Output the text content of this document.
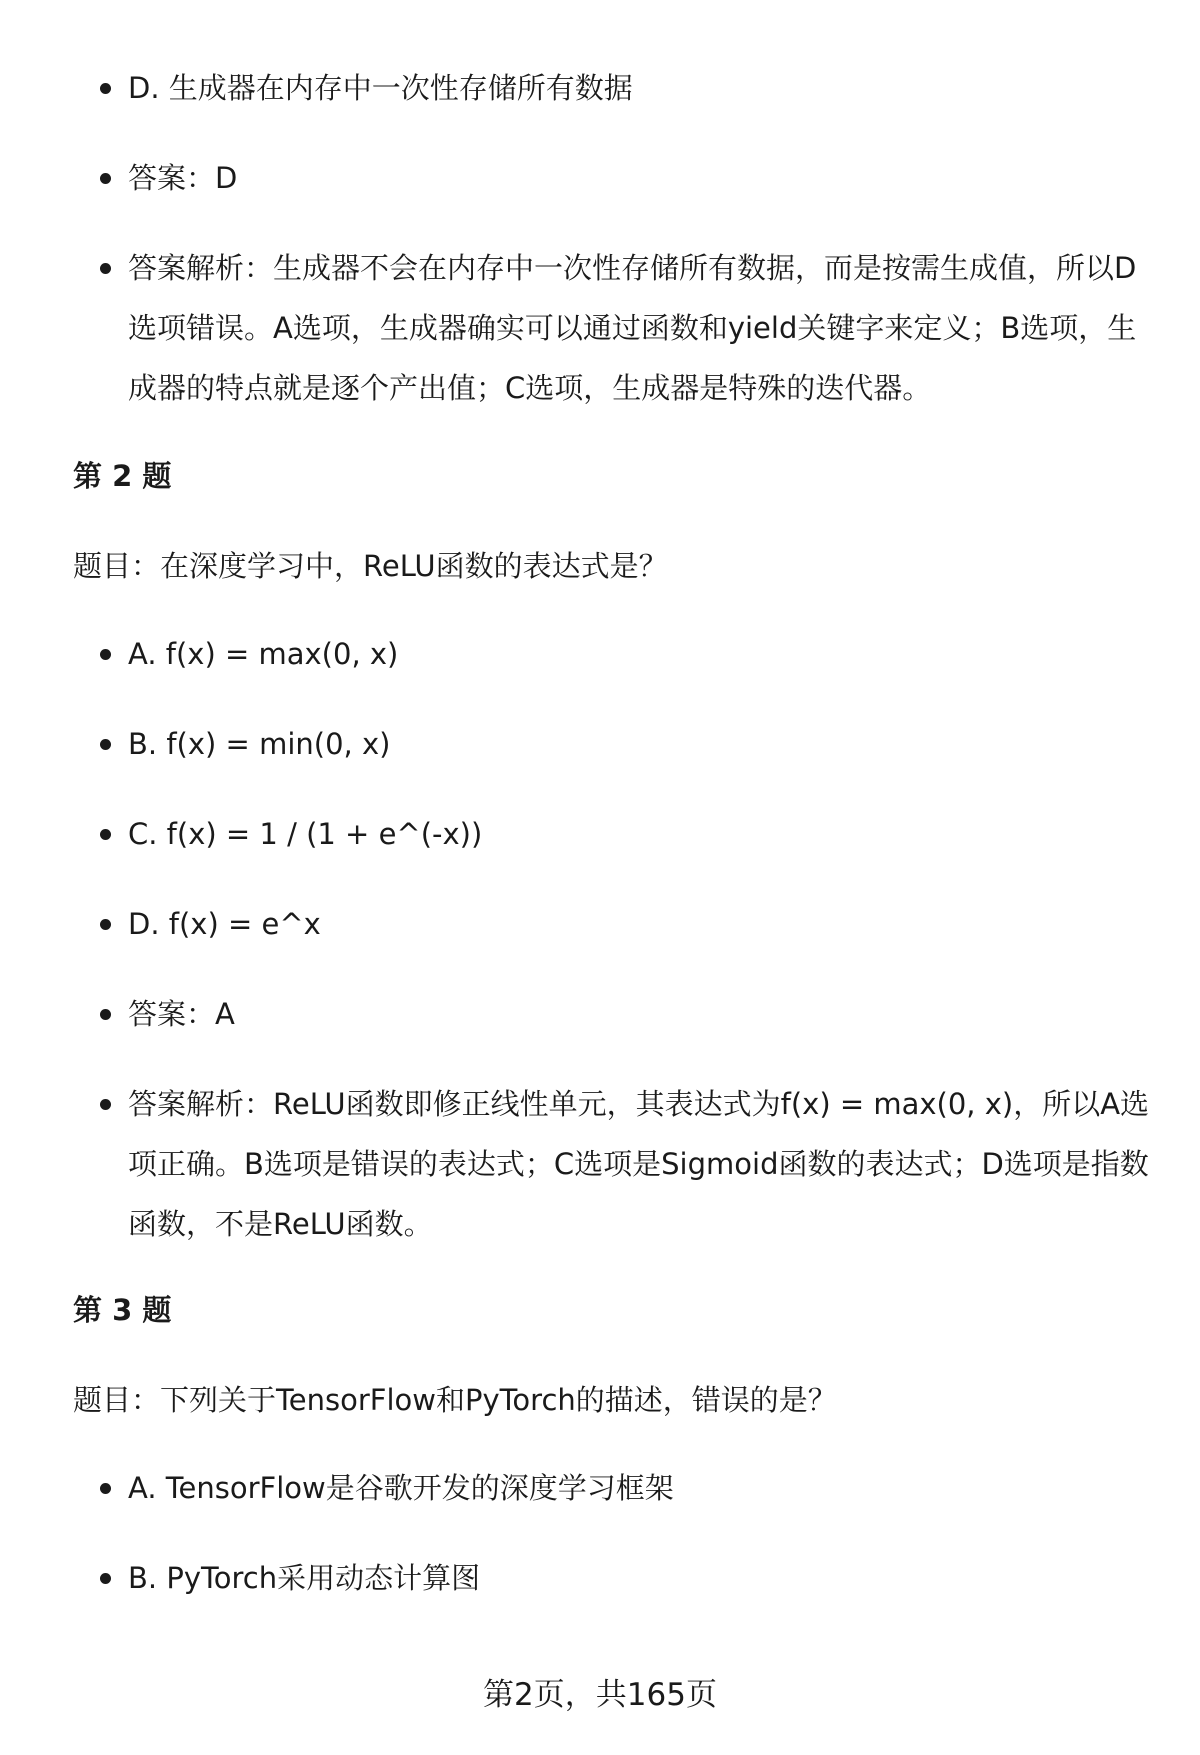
D. 生成器在内存中一次性存储所有数据
答案：D
答案解析：生成器不会在内存中一次性存储所有数据，而是按需生成值，所以D选项错误。A选项，生成器确实可以通过函数和yield关键字来定义；B选项，生成器的特点就是逐个产出值；C选项，生成器是特殊的迭代器。
第 2 题
题目：在深度学习中，ReLU函数的表达式是？
A. f(x) = max(0, x)
B. f(x) = min(0, x)
C. f(x) = 1 / (1 + e^(-x))
D. f(x) = e^x
答案：A
答案解析：ReLU函数即修正线性单元，其表达式为f(x) = max(0, x)，所以A选项正确。B选项是错误的表达式；C选项是Sigmoid函数的表达式；D选项是指数函数，不是ReLU函数。
第 3 题
题目：下列关于TensorFlow和PyTorch的描述，错误的是？
A. TensorFlow是谷歌开发的深度学习框架
B. PyTorch采用动态计算图
第2页，共165页
